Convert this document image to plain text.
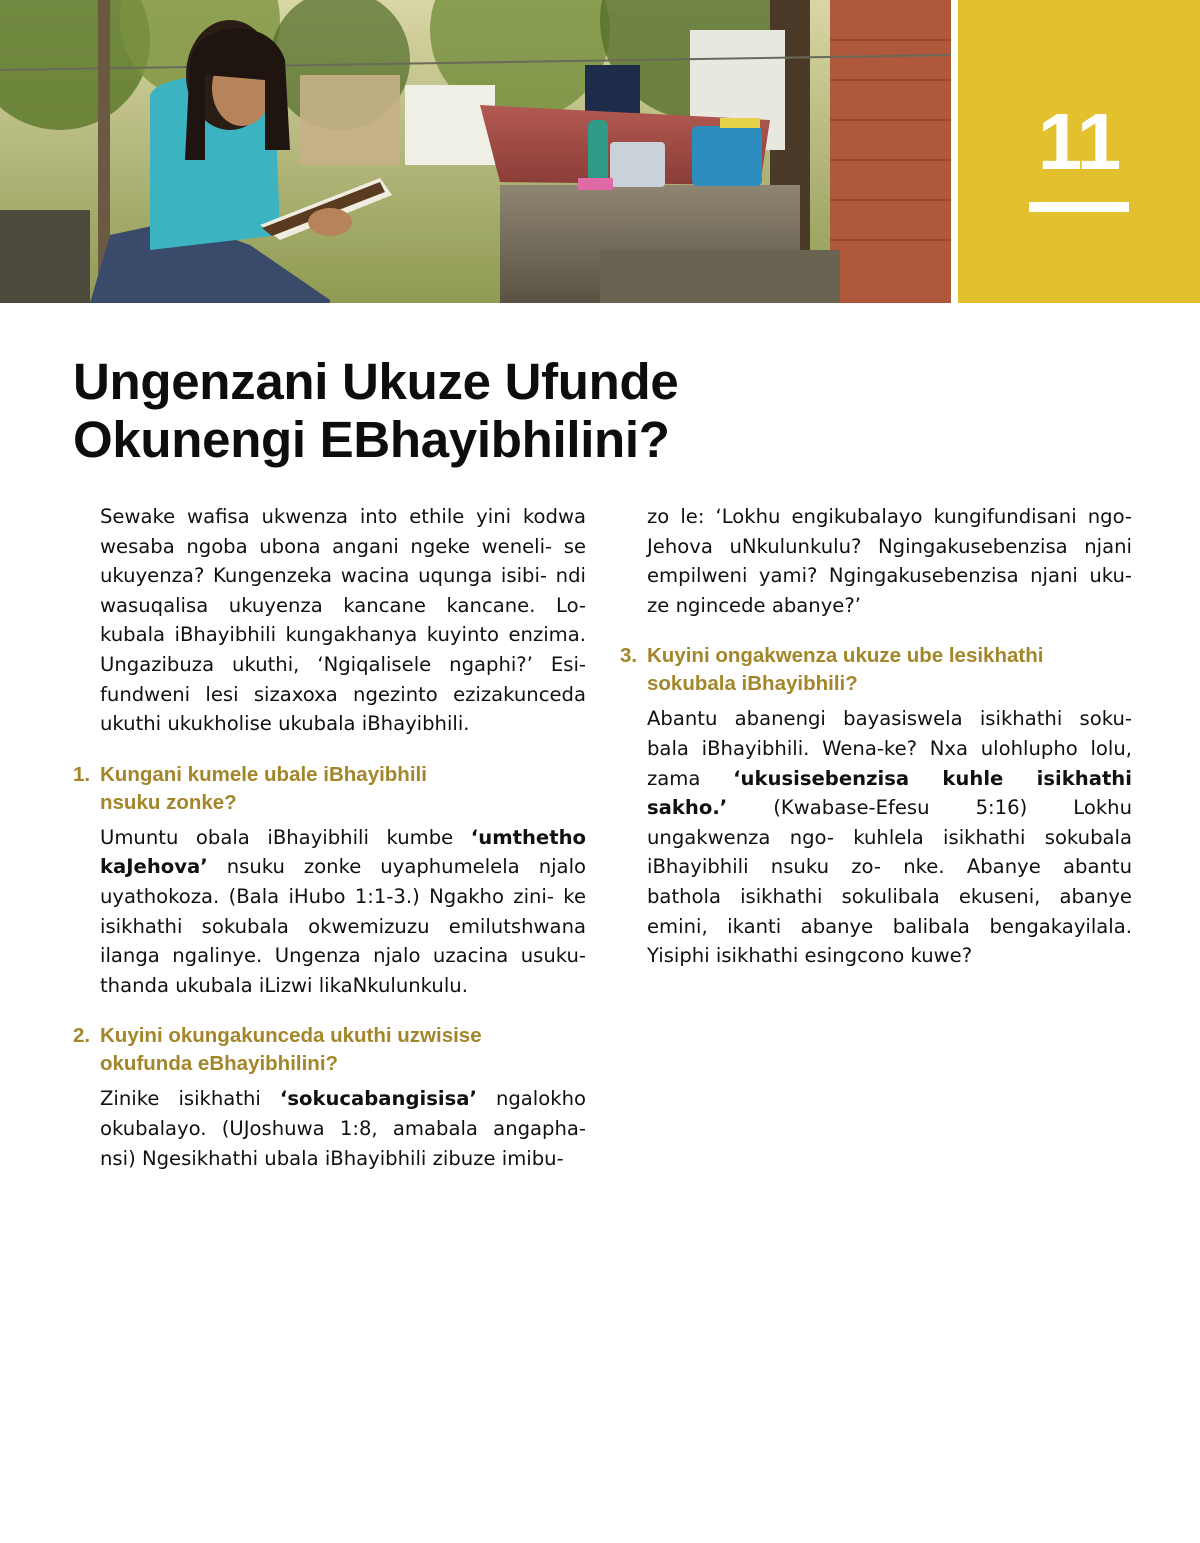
11
Ungenzani Ukuze Ufunde
Okunengi EBhayibhilini?

Sewake wafisa ukwenza into ethile yini kodwa wesaba ngoba ubona angani ngeke weneli- se ukuyenza? Kungenzeka wacina uqunga isibi- ndi wasuqalisa ukuyenza kancane kancane. Lo- kubala iBhayibhili kungakhanya kuyinto enzima. Ungazibuza ukuthi, ‘Ngiqalisele ngaphi?’ Esi- fundweni lesi sizaxoxa ngezinto ezizakunceda ukuthi ukukholise ukubala iBhayibhili.

1. Kungani kumele ubale iBhayibhili
nsuku zonke?

Umuntu obala iBhayibhili kumbe ‘umthetho kaJehova’ nsuku zonke uyaphumelela njalo uyathokoza. (Bala iHubo 1:1-3.) Ngakho zini- ke isikhathi sokubala okwemizuzu emilutshwana ilanga ngalinye. Ungenza njalo uzacina usuku- thanda ukubala iLizwi likaNkulunkulu.

2. Kuyini okungakunceda ukuthi uzwisise
okufunda eBhayibhilini?

Zinike isikhathi ‘sokucabangisisa’ ngalokho okubalayo. (UJoshuwa 1:8, amabala angapha- nsi) Ngesikhathi ubala iBhayibhili zibuze imibu-

zo le: ‘Lokhu engikubalayo kungifundisani ngo- Jehova uNkulunkulu? Ngingakusebenzisa njani empilweni yami? Ngingakusebenzisa njani uku- ze ngincede abanye?’

3. Kuyini ongakwenza ukuze ube lesikhathi
sokubala iBhayibhili?

Abantu abanengi bayasiswela isikhathi soku- bala iBhayibhili. Wena-ke? Nxa ulohlupho lolu, zama ‘ukusisebenzisa kuhle isikhathi sakho.’ (Kwabase-Efesu 5:16) Lokhu ungakwenza ngo- kuhlela isikhathi sokubala iBhayibhili nsuku zo- nke. Abanye abantu bathola isikhathi sokulibala ekuseni, abanye emini, ikanti abanye balibala bengakayilala. Yisiphi isikhathi esingcono kuwe?
